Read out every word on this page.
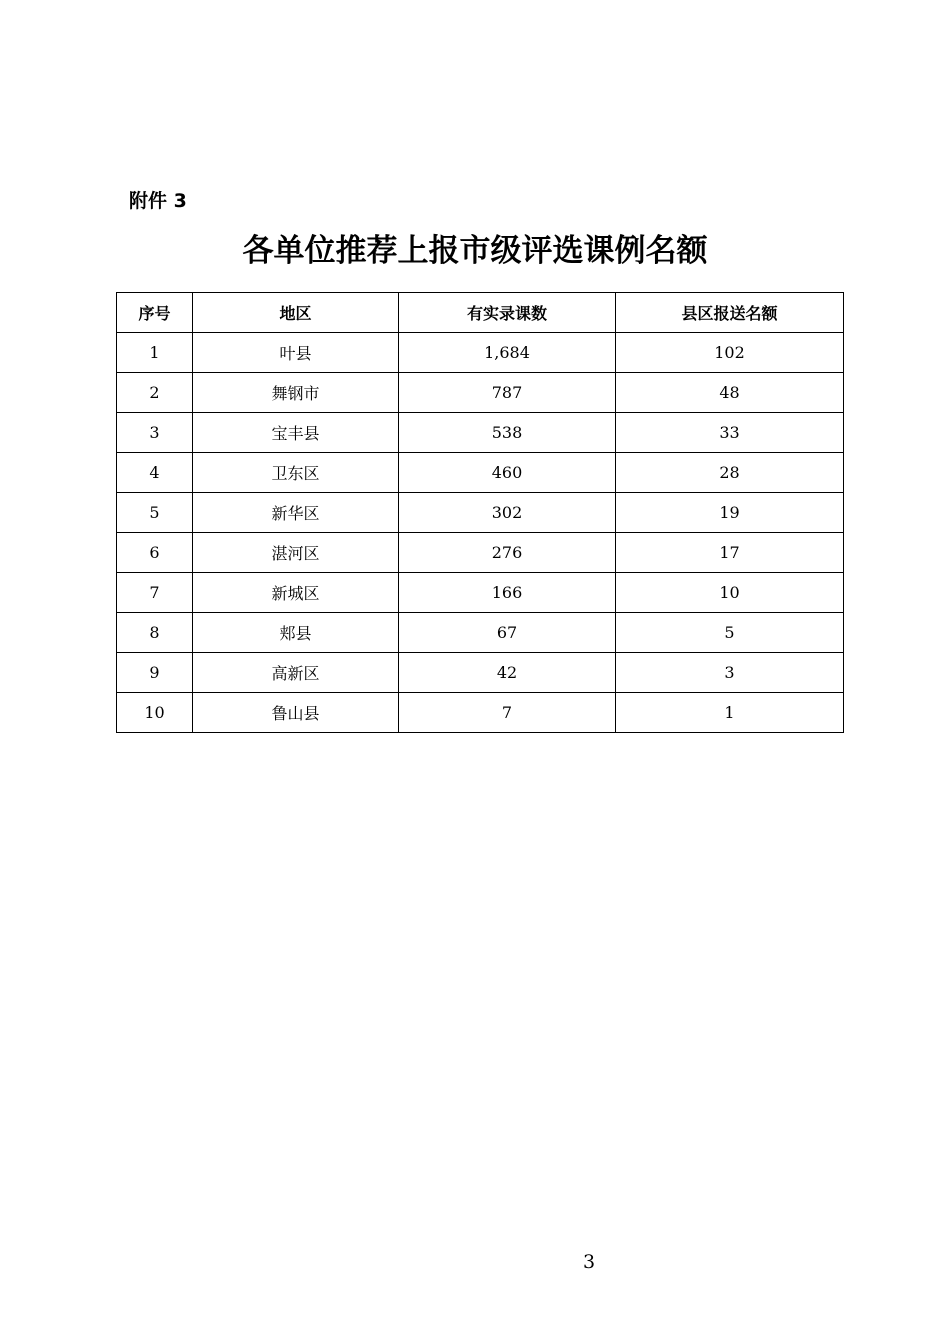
附件 3
各单位推荐上报市级评选课例名额
序号	地区	有实录课数	县区报送名额
1	叶县	1,684	102
2	舞钢市	787	48
3	宝丰县	538	33
4	卫东区	460	28
5	新华区	302	19
6	湛河区	276	17
7	新城区	166	10
8	郏县	67	5
9	高新区	42	3
10	鲁山县	7	1
3
